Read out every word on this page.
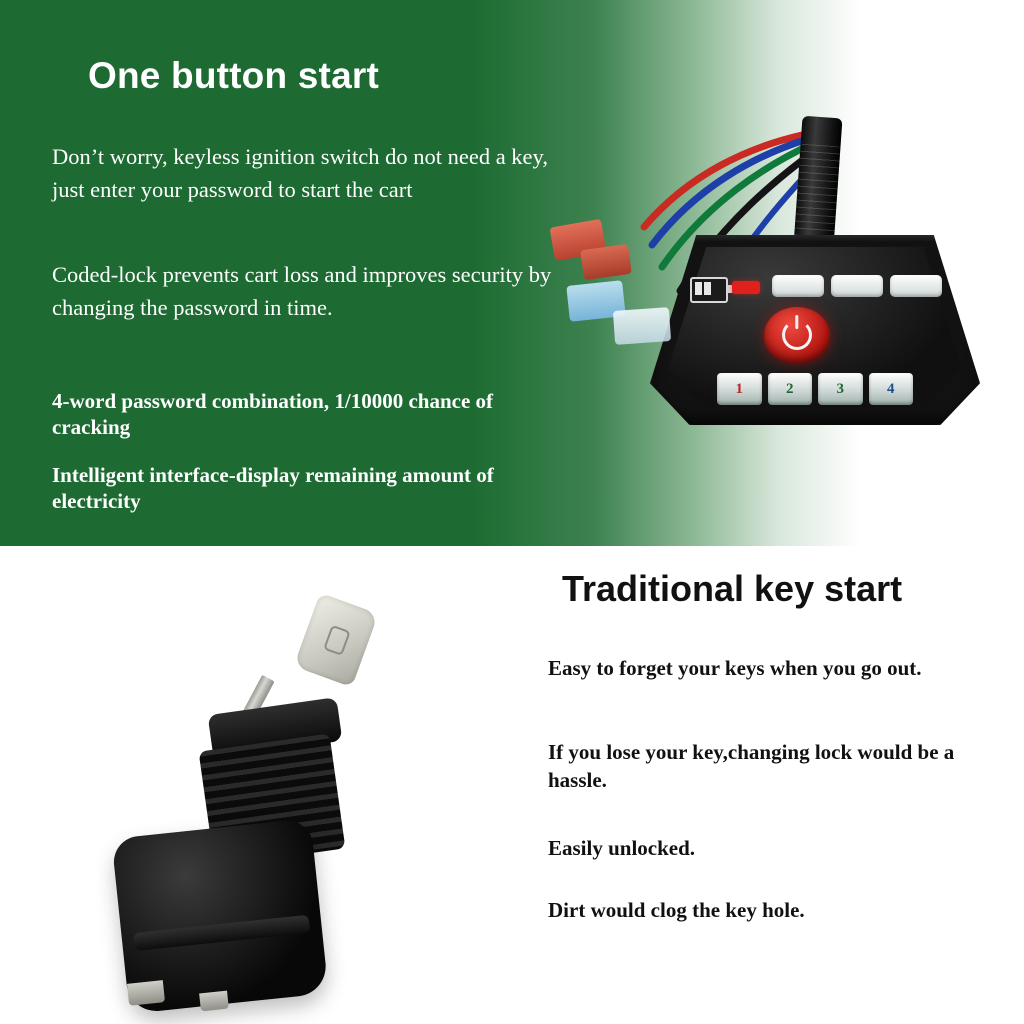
One button start
Don’t worry, keyless ignition switch do not need a key, just enter your password to start the cart
Coded-lock prevents cart loss and improves security by changing the password in time.
4-word password combination, 1/10000 chance of cracking
Intelligent interface-display remaining amount of electricity
1	2	3	4
Traditional key start
Easy to forget your keys when you go out.
If you lose your key,changing lock would be a hassle.
Easily unlocked.
Dirt would clog the key hole.
